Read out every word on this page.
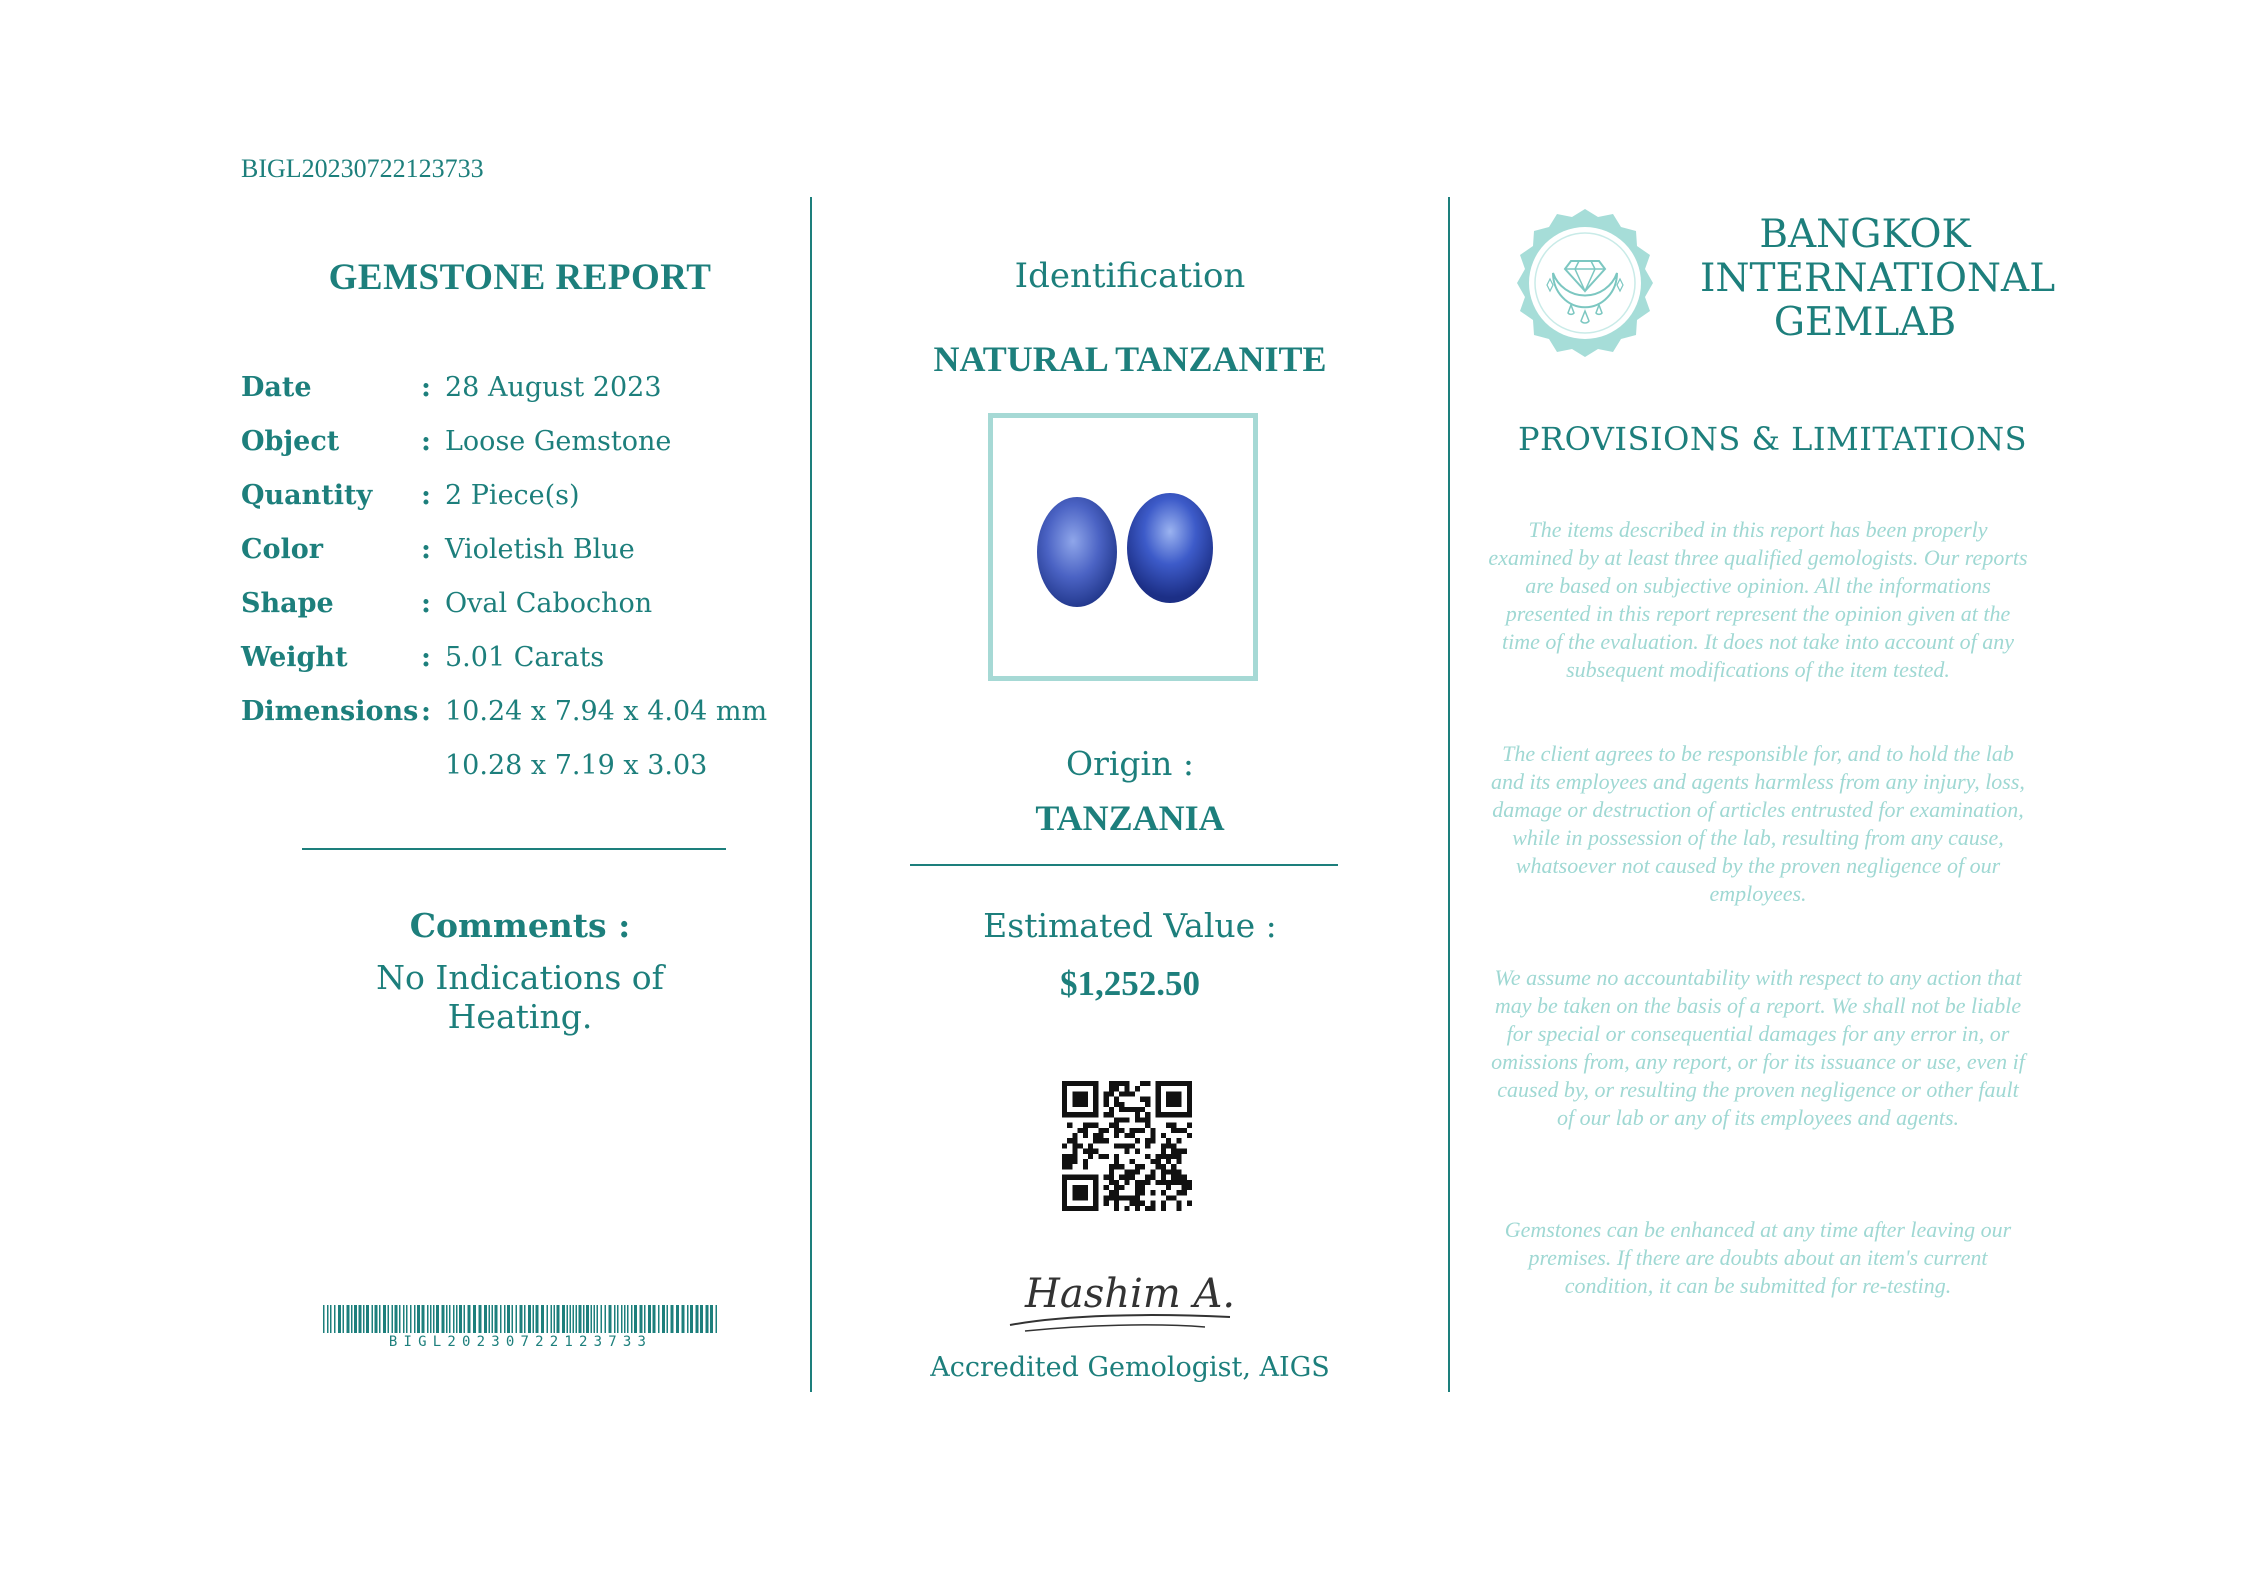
BIGL20230722123733
GEMSTONE REPORT
Date	: 28 August 2023
Object	: Loose Gemstone
Quantity	: 2 Piece(s)
Color	: Violetish Blue
Shape	: Oval Cabochon
Weight	: 5.01 Carats
Dimensions : 10.24 x 7.94 x 4.04 mm
10.28 x 7.19 x 3.03
Comments :
No Indications of Heating.
BIGL20230722123733
Identification
NATURAL TANZANITE
Origin :
TANZANIA
Estimated Value :
$1,252.50
Hashim A.
Accredited Gemologist, AIGS
BANGKOK
INTERNATIONAL
GEMLAB
PROVISIONS & LIMITATIONS
The items described in this report has been properly examined by at least three qualified gemologists. Our reports are based on subjective opinion. All the informations presented in this report represent the opinion given at the time of the evaluation. It does not take into account of any subsequent modifications of the item tested.
The client agrees to be responsible for, and to hold the lab and its employees and agents harmless from any injury, loss, damage or destruction of articles entrusted for examination, while in possession of the lab, resulting from any cause, whatsoever not caused by the proven negligence of our employees.
We assume no accountability with respect to any action that may be taken on the basis of a report. We shall not be liable for special or consequential damages for any error in, or omissions from, any report, or for its issuance or use, even if caused by, or resulting the proven negligence or other fault of our lab or any of its employees and agents.
Gemstones can be enhanced at any time after leaving our premises. If there are doubts about an item's current condition, it can be submitted for re-testing.
